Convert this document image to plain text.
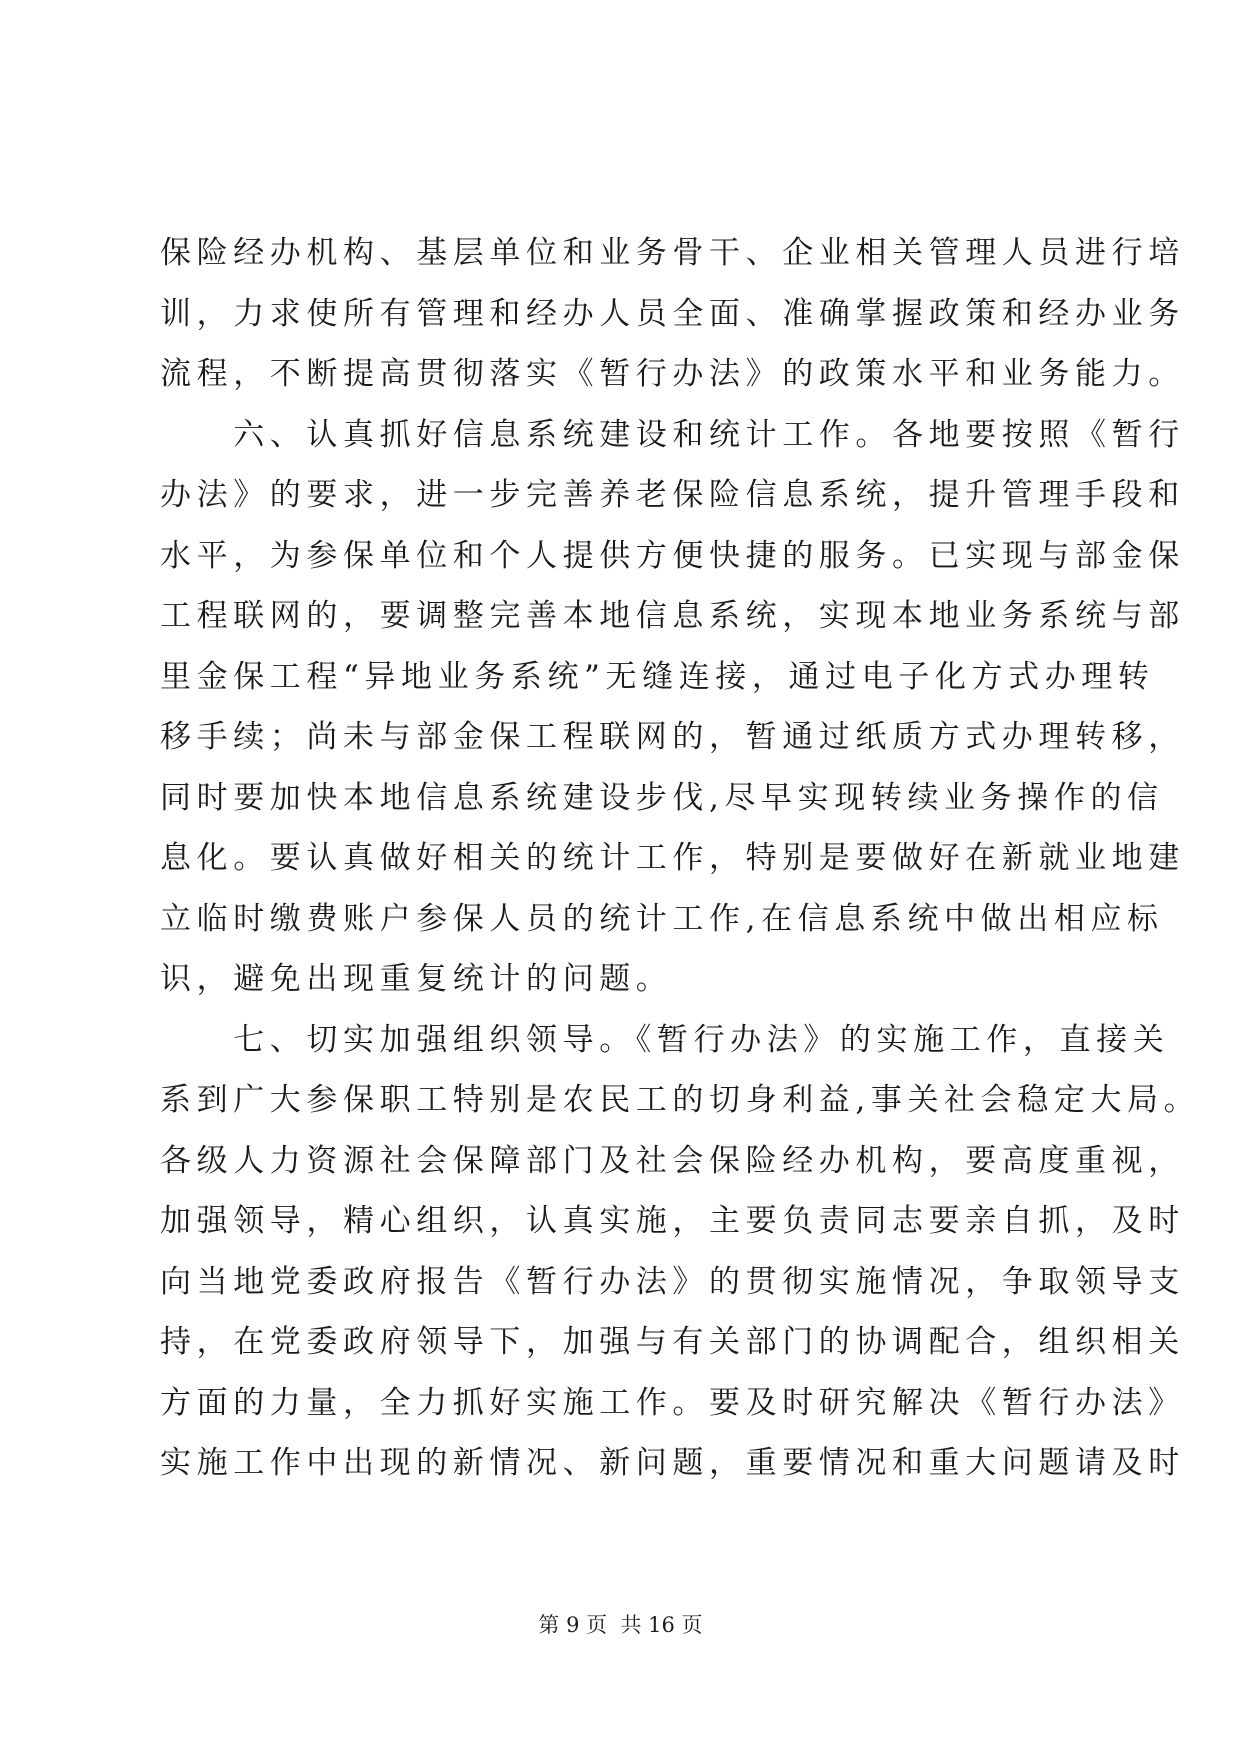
保险经办机构、基层单位和业务骨干、企业相关管理人员进行培
训，力求使所有管理和经办人员全面、准确掌握政策和经办业务
流程，不断提高贯彻落实《暂行办法》的政策水平和业务能力。
　　六、认真抓好信息系统建设和统计工作。各地要按照《暂行
办法》的要求，进一步完善养老保险信息系统，提升管理手段和
水平，为参保单位和个人提供方便快捷的服务。已实现与部金保
工程联网的，要调整完善本地信息系统，实现本地业务系统与部
里金保工程“异地业务系统”无缝连接，通过电子化方式办理转
移手续；尚未与部金保工程联网的，暂通过纸质方式办理转移，
同时要加快本地信息系统建设步伐,尽早实现转续业务操作的信
息化。要认真做好相关的统计工作，特别是要做好在新就业地建
立临时缴费账户参保人员的统计工作,在信息系统中做出相应标
识，避免出现重复统计的问题。
　　七、切实加强组织领导。《暂行办法》的实施工作，直接关
系到广大参保职工特别是农民工的切身利益,事关社会稳定大局。
各级人力资源社会保障部门及社会保险经办机构，要高度重视，
加强领导，精心组织，认真实施，主要负责同志要亲自抓，及时
向当地党委政府报告《暂行办法》的贯彻实施情况，争取领导支
持，在党委政府领导下，加强与有关部门的协调配合，组织相关
方面的力量，全力抓好实施工作。要及时研究解决《暂行办法》
实施工作中出现的新情况、新问题，重要情况和重大问题请及时
第 9 页  共 16 页
